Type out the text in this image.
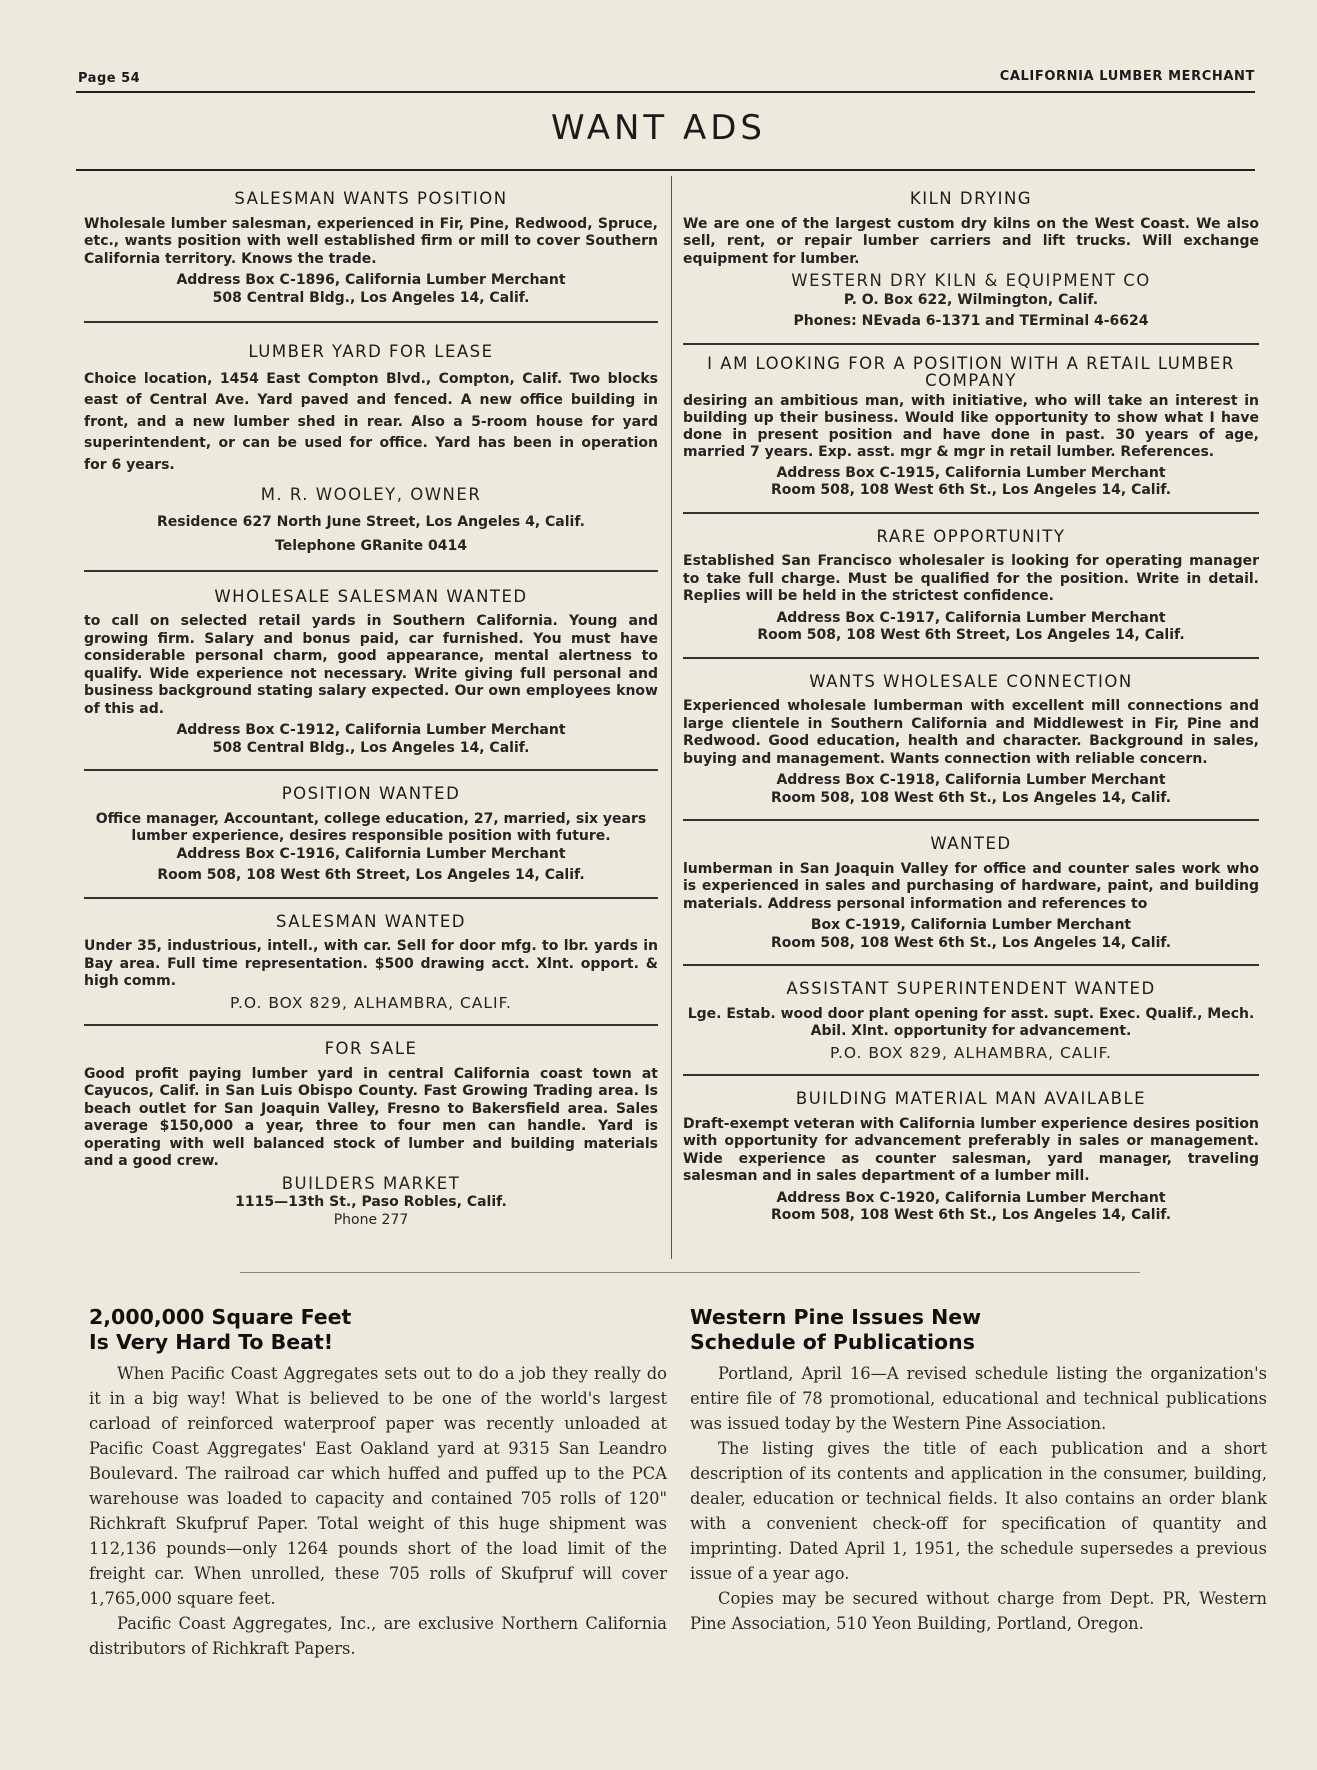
Page 54	CALIFORNIA LUMBER MERCHANT
WANT ADS

SALESMAN WANTS POSITION

Wholesale lumber salesman, experienced in Fir, Pine, Redwood, Spruce, etc., wants position with well established firm or mill to cover Southern California territory. Knows the trade.

Address Box C-1896, California Lumber Merchant

508 Central Bldg., Los Angeles 14, Calif.

LUMBER YARD FOR LEASE

Choice location, 1454 East Compton Blvd., Compton, Calif. Two blocks east of Central Ave. Yard paved and fenced. A new office building in front, and a new lumber shed in rear. Also a 5-room house for yard superintendent, or can be used for office. Yard has been in operation for 6 years.

M. R. WOOLEY, OWNER

Residence 627 North June Street, Los Angeles 4, Calif.

Telephone GRanite 0414

WHOLESALE SALESMAN WANTED

to call on selected retail yards in Southern California. Young and growing firm. Salary and bonus paid, car furnished. You must have considerable personal charm, good appearance, mental alertness to qualify. Wide experience not necessary. Write giving full personal and business background stating salary expected. Our own employees know of this ad.

Address Box C-1912, California Lumber Merchant

508 Central Bldg., Los Angeles 14, Calif.

POSITION WANTED

Office manager, Accountant, college education, 27, married, six years lumber experience, desires responsible position with future.

Address Box C-1916, California Lumber Merchant

Room 508, 108 West 6th Street, Los Angeles 14, Calif.

SALESMAN WANTED

Under 35, industrious, intell., with car. Sell for door mfg. to lbr. yards in Bay area. Full time representation. $500 drawing acct. Xlnt. opport. & high comm.

P.O. BOX 829, ALHAMBRA, CALIF.

FOR SALE

Good profit paying lumber yard in central California coast town at Cayucos, Calif. in San Luis Obispo County. Fast Growing Trading area. Is beach outlet for San Joaquin Valley, Fresno to Bakersfield area. Sales average $150,000 a year, three to four men can handle. Yard is operating with well balanced stock of lumber and building materials and a good crew.

BUILDERS MARKET

1115—13th St., Paso Robles, Calif.

Phone 277

KILN DRYING

We are one of the largest custom dry kilns on the West Coast. We also sell, rent, or repair lumber carriers and lift trucks. Will exchange equipment for lumber.

WESTERN DRY KILN & EQUIPMENT CO

P. O. Box 622, Wilmington, Calif.

Phones: NEvada 6-1371 and TErminal 4-6624

I AM LOOKING FOR A POSITION WITH A RETAIL LUMBER COMPANY

desiring an ambitious man, with initiative, who will take an interest in building up their business. Would like opportunity to show what I have done in present position and have done in past. 30 years of age, married 7 years. Exp. asst. mgr & mgr in retail lumber. References.

Address Box C-1915, California Lumber Merchant

Room 508, 108 West 6th St., Los Angeles 14, Calif.

RARE OPPORTUNITY

Established San Francisco wholesaler is looking for operating manager to take full charge. Must be qualified for the position. Write in detail. Replies will be held in the strictest confidence.

Address Box C-1917, California Lumber Merchant

Room 508, 108 West 6th Street, Los Angeles 14, Calif.

WANTS WHOLESALE CONNECTION

Experienced wholesale lumberman with excellent mill connections and large clientele in Southern California and Middlewest in Fir, Pine and Redwood. Good education, health and character. Background in sales, buying and management. Wants connection with reliable concern.

Address Box C-1918, California Lumber Merchant

Room 508, 108 West 6th St., Los Angeles 14, Calif.

WANTED

lumberman in San Joaquin Valley for office and counter sales work who is experienced in sales and purchasing of hardware, paint, and building materials. Address personal information and references to

Box C-1919, California Lumber Merchant

Room 508, 108 West 6th St., Los Angeles 14, Calif.

ASSISTANT SUPERINTENDENT WANTED

Lge. Estab. wood door plant opening for asst. supt. Exec. Qualif., Mech. Abil. Xlnt. opportunity for advancement.

P.O. BOX 829, ALHAMBRA, CALIF.

BUILDING MATERIAL MAN AVAILABLE

Draft-exempt veteran with California lumber experience desires position with opportunity for advancement preferably in sales or management. Wide experience as counter salesman, yard manager, traveling salesman and in sales department of a lumber mill.

Address Box C-1920, California Lumber Merchant

Room 508, 108 West 6th St., Los Angeles 14, Calif.

2,000,000 Square Feet
Is Very Hard To Beat!

When Pacific Coast Aggregates sets out to do a job they really do it in a big way! What is believed to be one of the world's largest carload of reinforced waterproof paper was recently unloaded at Pacific Coast Aggregates' East Oakland yard at 9315 San Leandro Boulevard. The railroad car which huffed and puffed up to the PCA warehouse was loaded to capacity and contained 705 rolls of 120" Richkraft Skufpruf Paper. Total weight of this huge shipment was 112,136 pounds—only 1264 pounds short of the load limit of the freight car. When unrolled, these 705 rolls of Skufpruf will cover 1,765,000 square feet.

Pacific Coast Aggregates, Inc., are exclusive Northern California distributors of Richkraft Papers.

Western Pine Issues New
Schedule of Publications

Portland, April 16—A revised schedule listing the organization's entire file of 78 promotional, educational and technical publications was issued today by the Western Pine Association.

The listing gives the title of each publication and a short description of its contents and application in the consumer, building, dealer, education or technical fields. It also contains an order blank with a convenient check-off for specification of quantity and imprinting. Dated April 1, 1951, the schedule supersedes a previous issue of a year ago.

Copies may be secured without charge from Dept. PR, Western Pine Association, 510 Yeon Building, Portland, Oregon.
